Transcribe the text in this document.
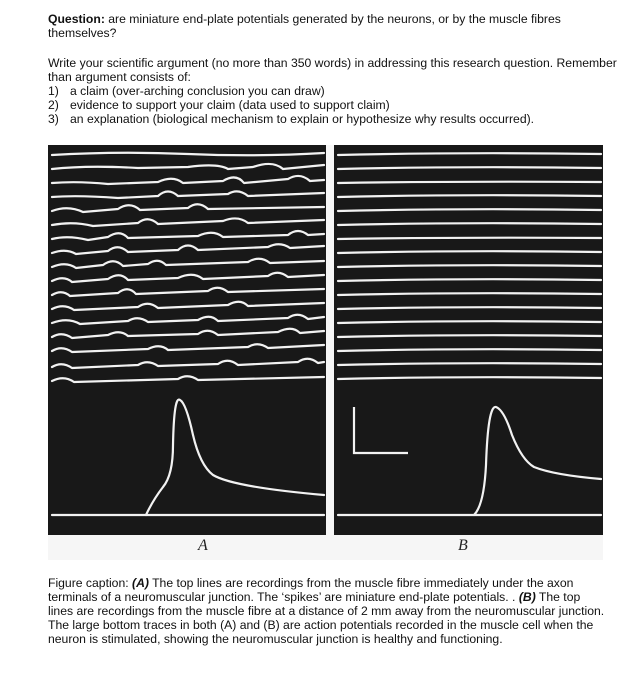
Question: are miniature end-plate potentials generated by the neurons, or by the muscle fibres themselves?
Write your scientific argument (no more than 350 words) in addressing this research question. Remember than argument consists of:
1) a claim (over-arching conclusion you can draw)
2) evidence to support your claim (data used to support claim)
3) an explanation (biological mechanism to explain or hypothesize why results occurred).
A	B
Figure caption: (A) The top lines are recordings from the muscle fibre immediately under the axon terminals of a neuromuscular junction. The ‘spikes’ are miniature end-plate potentials. . (B) The top lines are recordings from the muscle fibre at a distance of 2 mm away from the neuromuscular junction. The large bottom traces in both (A) and (B) are action potentials recorded in the muscle cell when the neuron is stimulated, showing the neuromuscular junction is healthy and functioning.
